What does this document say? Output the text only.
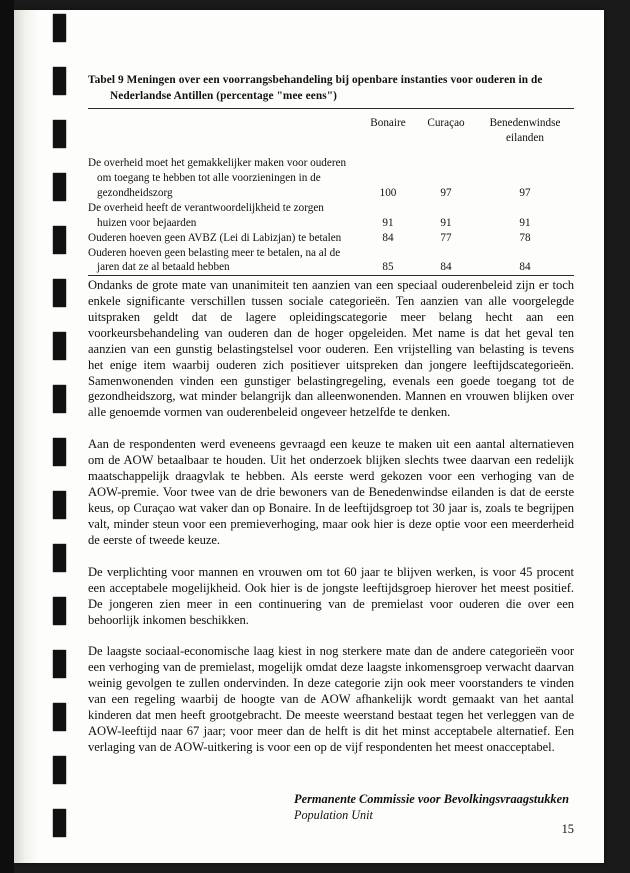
Tabel 9 Meningen over een voorrangsbehandeling bij openbare instanties voor ouderen in de
Nederlandse Antillen (percentage "mee eens")
	Bonaire	Curaçao	Benedenwindse
eilanden

De overheid moet het gemakkelijker maken voor ouderen
om toegang te hebben tot alle voorzieningen in de
gezondheidszorg	100	97	97

De overheid heeft de verantwoordelijkheid te zorgen
huizen voor bejaarden	91	91	91

Ouderen hoeven geen AVBZ (Lei di Labizjan) te betalen	84	77	78

Ouderen hoeven geen belasting meer te betalen, na al de
jaren dat ze al betaald hebben	85	84	84

Ondanks de grote mate van unanimiteit ten aanzien van een speciaal ouderenbeleid zijn er toch enkele significante verschillen tussen sociale categorieën. Ten aanzien van alle voorgelegde uitspraken geldt dat de lagere opleidingscategorie meer belang hecht aan een voorkeursbehandeling van ouderen dan de hoger opgeleiden. Met name is dat het geval ten aanzien van een gunstig belastingstelsel voor ouderen. Een vrijstelling van belasting is tevens het enige item waarbij ouderen zich positiever uitspreken dan jongere leeftijdscategorieën. Samenwonenden vinden een gunstiger belastingregeling, evenals een goede toegang tot de gezondheidszorg, wat minder belangrijk dan alleenwonenden. Mannen en vrouwen blijken over alle genoemde vormen van ouderenbeleid ongeveer hetzelfde te denken.

Aan de respondenten werd eveneens gevraagd een keuze te maken uit een aantal alternatieven om de AOW betaalbaar te houden. Uit het onderzoek blijken slechts twee daarvan een redelijk maatschappelijk draagvlak te hebben. Als eerste werd gekozen voor een verhoging van de AOW-premie. Voor twee van de drie bewoners van de Benedenwindse eilanden is dat de eerste keus, op Curaçao wat vaker dan op Bonaire. In de leeftijdsgroep tot 30 jaar is, zoals te begrijpen valt, minder steun voor een premieverhoging, maar ook hier is deze optie voor een meerderheid de eerste of tweede keuze.

De verplichting voor mannen en vrouwen om tot 60 jaar te blijven werken, is voor 45 procent een acceptabele mogelijkheid. Ook hier is de jongste leeftijdsgroep hierover het meest positief. De jongeren zien meer in een continuering van de premielast voor ouderen die over een behoorlijk inkomen beschikken.

De laagste sociaal-economische laag kiest in nog sterkere mate dan de andere categorieën voor een verhoging van de premielast, mogelijk omdat deze laagste inkomensgroep verwacht daarvan weinig gevolgen te zullen ondervinden. In deze categorie zijn ook meer voorstanders te vinden van een regeling waarbij de hoogte van de AOW afhankelijk wordt gemaakt van het aantal kinderen dat men heeft grootgebracht. De meeste weerstand bestaat tegen het verleggen van de AOW-leeftijd naar 67 jaar; voor meer dan de helft is dit het minst acceptabele alternatief. Een verlaging van de AOW-uitkering is voor een op de vijf respondenten het meest onacceptabel.

Permanente Commissie voor Bevolkingsvraagstukken
Population Unit
15
